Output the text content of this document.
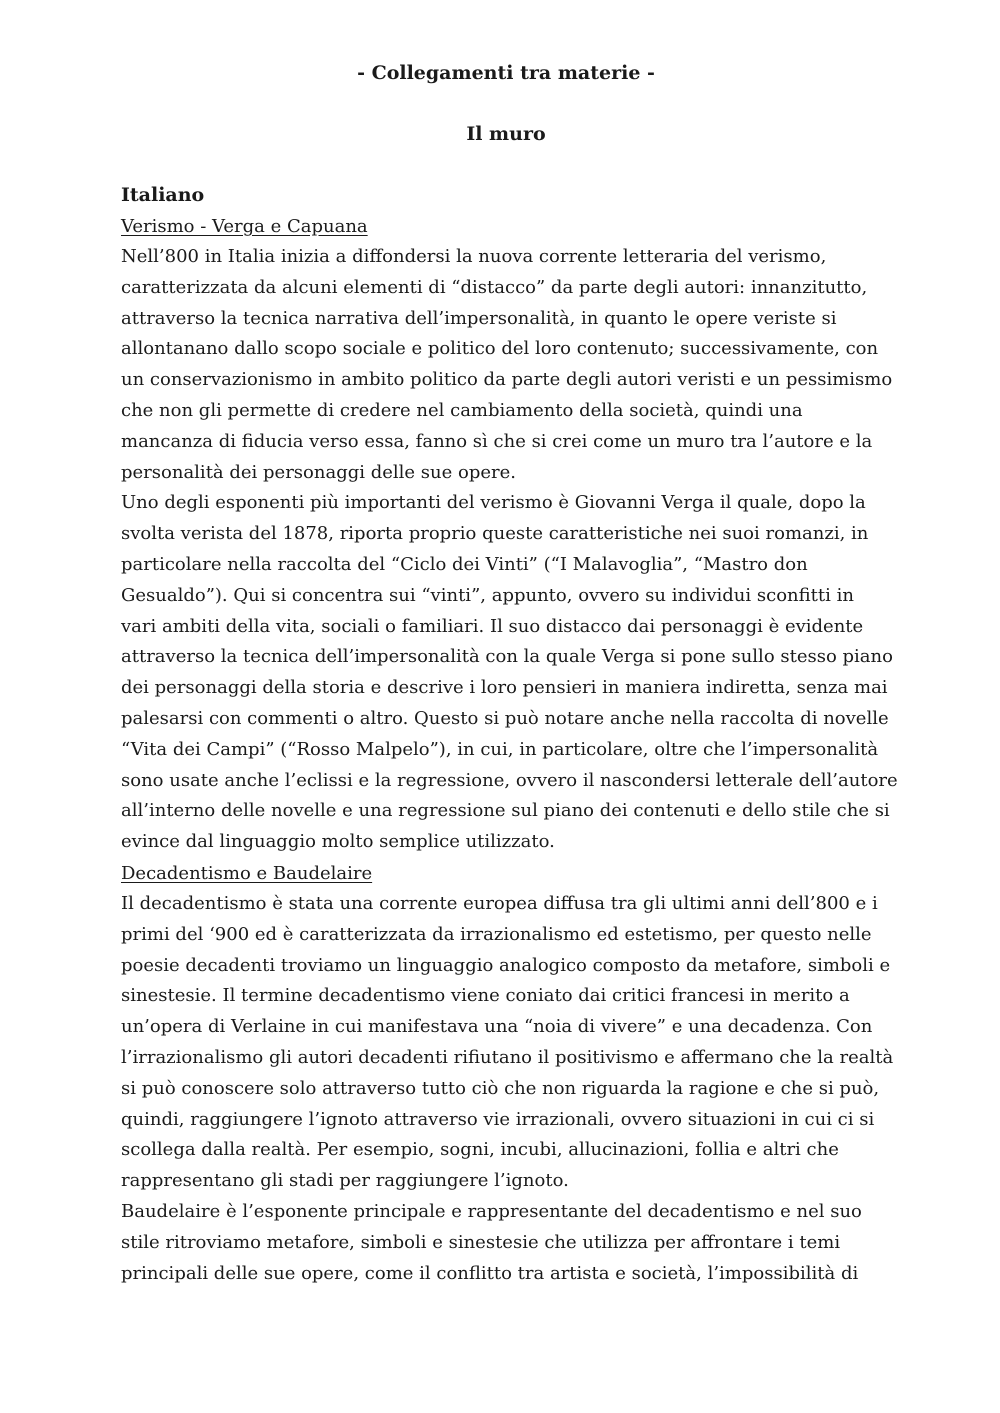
- Collegamenti tra materie -
Il muro
Italiano
Verismo - Verga e Capuana
Nell’800 in Italia inizia a diffondersi la nuova corrente letteraria del verismo,
caratterizzata da alcuni elementi di “distacco” da parte degli autori: innanzitutto,
attraverso la tecnica narrativa dell’impersonalità, in quanto le opere veriste si
allontanano dallo scopo sociale e politico del loro contenuto; successivamente, con
un conservazionismo in ambito politico da parte degli autori veristi e un pessimismo
che non gli permette di credere nel cambiamento della società, quindi una
mancanza di fiducia verso essa, fanno sì che si crei come un muro tra l’autore e la
personalità dei personaggi delle sue opere.
Uno degli esponenti più importanti del verismo è Giovanni Verga il quale, dopo la
svolta verista del 1878, riporta proprio queste caratteristiche nei suoi romanzi, in
particolare nella raccolta del “Ciclo dei Vinti” (“I Malavoglia”, “Mastro don
Gesualdo”). Qui si concentra sui “vinti”, appunto, ovvero su individui sconfitti in
vari ambiti della vita, sociali o familiari. Il suo distacco dai personaggi è evidente
attraverso la tecnica dell’impersonalità con la quale Verga si pone sullo stesso piano
dei personaggi della storia e descrive i loro pensieri in maniera indiretta, senza mai
palesarsi con commenti o altro. Questo si può notare anche nella raccolta di novelle
“Vita dei Campi” (“Rosso Malpelo”), in cui, in particolare, oltre che l’impersonalità
sono usate anche l’eclissi e la regressione, ovvero il nascondersi letterale dell’autore
all’interno delle novelle e una regressione sul piano dei contenuti e dello stile che si
evince dal linguaggio molto semplice utilizzato.
Decadentismo e Baudelaire
Il decadentismo è stata una corrente europea diffusa tra gli ultimi anni dell’800 e i
primi del ‘900 ed è caratterizzata da irrazionalismo ed estetismo, per questo nelle
poesie decadenti troviamo un linguaggio analogico composto da metafore, simboli e
sinestesie. Il termine decadentismo viene coniato dai critici francesi in merito a
un’opera di Verlaine in cui manifestava una “noia di vivere” e una decadenza. Con
l’irrazionalismo gli autori decadenti rifiutano il positivismo e affermano che la realtà
si può conoscere solo attraverso tutto ciò che non riguarda la ragione e che si può,
quindi, raggiungere l’ignoto attraverso vie irrazionali, ovvero situazioni in cui ci si
scollega dalla realtà. Per esempio, sogni, incubi, allucinazioni, follia e altri che
rappresentano gli stadi per raggiungere l’ignoto.
Baudelaire è l’esponente principale e rappresentante del decadentismo e nel suo
stile ritroviamo metafore, simboli e sinestesie che utilizza per affrontare i temi
principali delle sue opere, come il conflitto tra artista e società, l’impossibilità di
